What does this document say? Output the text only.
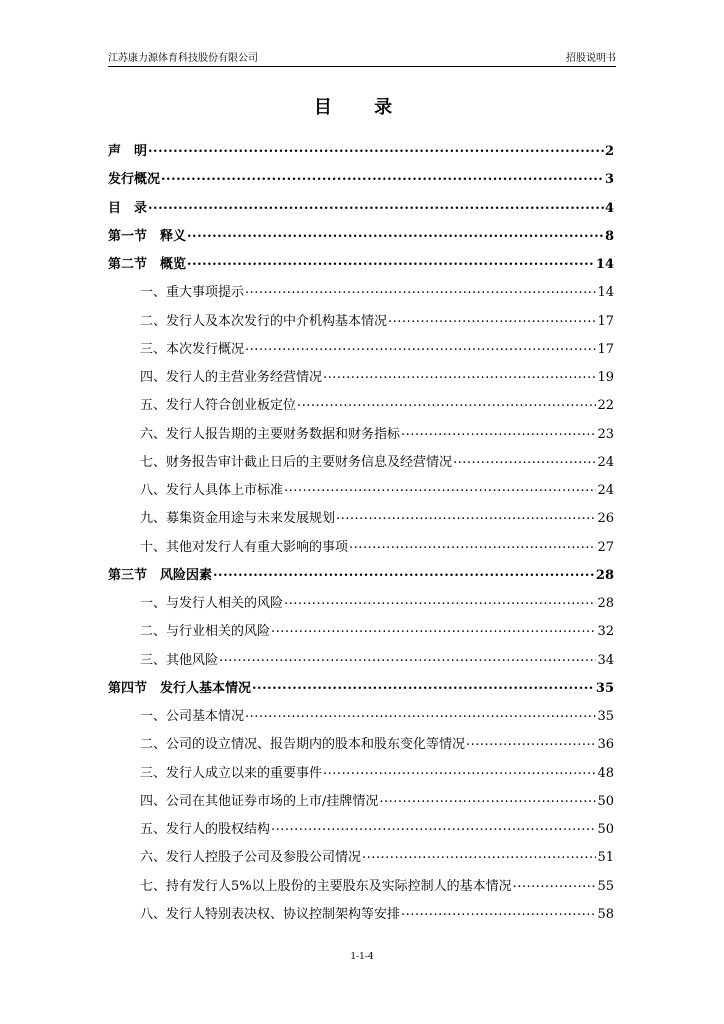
江苏康力源体育科技股份有限公司	招股说明书
目 录
声　明 .....	2
发行概况 .....	3
目　录 .....	4
第一节　释义 .....	8
第二节　概览 .....	14
一、重大事项提示 .....	14
二、发行人及本次发行的中介机构基本情况 .....	17
三、本次发行概况 .....	17
四、发行人的主营业务经营情况 .....	19
五、发行人符合创业板定位 .....	22
六、发行人报告期的主要财务数据和财务指标 .....	23
七、财务报告审计截止日后的主要财务信息及经营情况 .....	24
八、发行人具体上市标准 .....	24
九、募集资金用途与未来发展规划 .....	26
十、其他对发行人有重大影响的事项 .....	27
第三节　风险因素 .....	28
一、与发行人相关的风险 .....	28
二、与行业相关的风险 .....	32
三、其他风险 .....	34
第四节　发行人基本情况 .....	35
一、公司基本情况 .....	35
二、公司的设立情况、报告期内的股本和股东变化等情况 .....	36
三、发行人成立以来的重要事件 .....	48
四、公司在其他证券市场的上市/挂牌情况 .....	50
五、发行人的股权结构 .....	50
六、发行人控股子公司及参股公司情况 .....	51
七、持有发行人5%以上股份的主要股东及实际控制人的基本情况 .....	55
八、发行人特别表决权、协议控制架构等安排 .....	58
1-1-4
